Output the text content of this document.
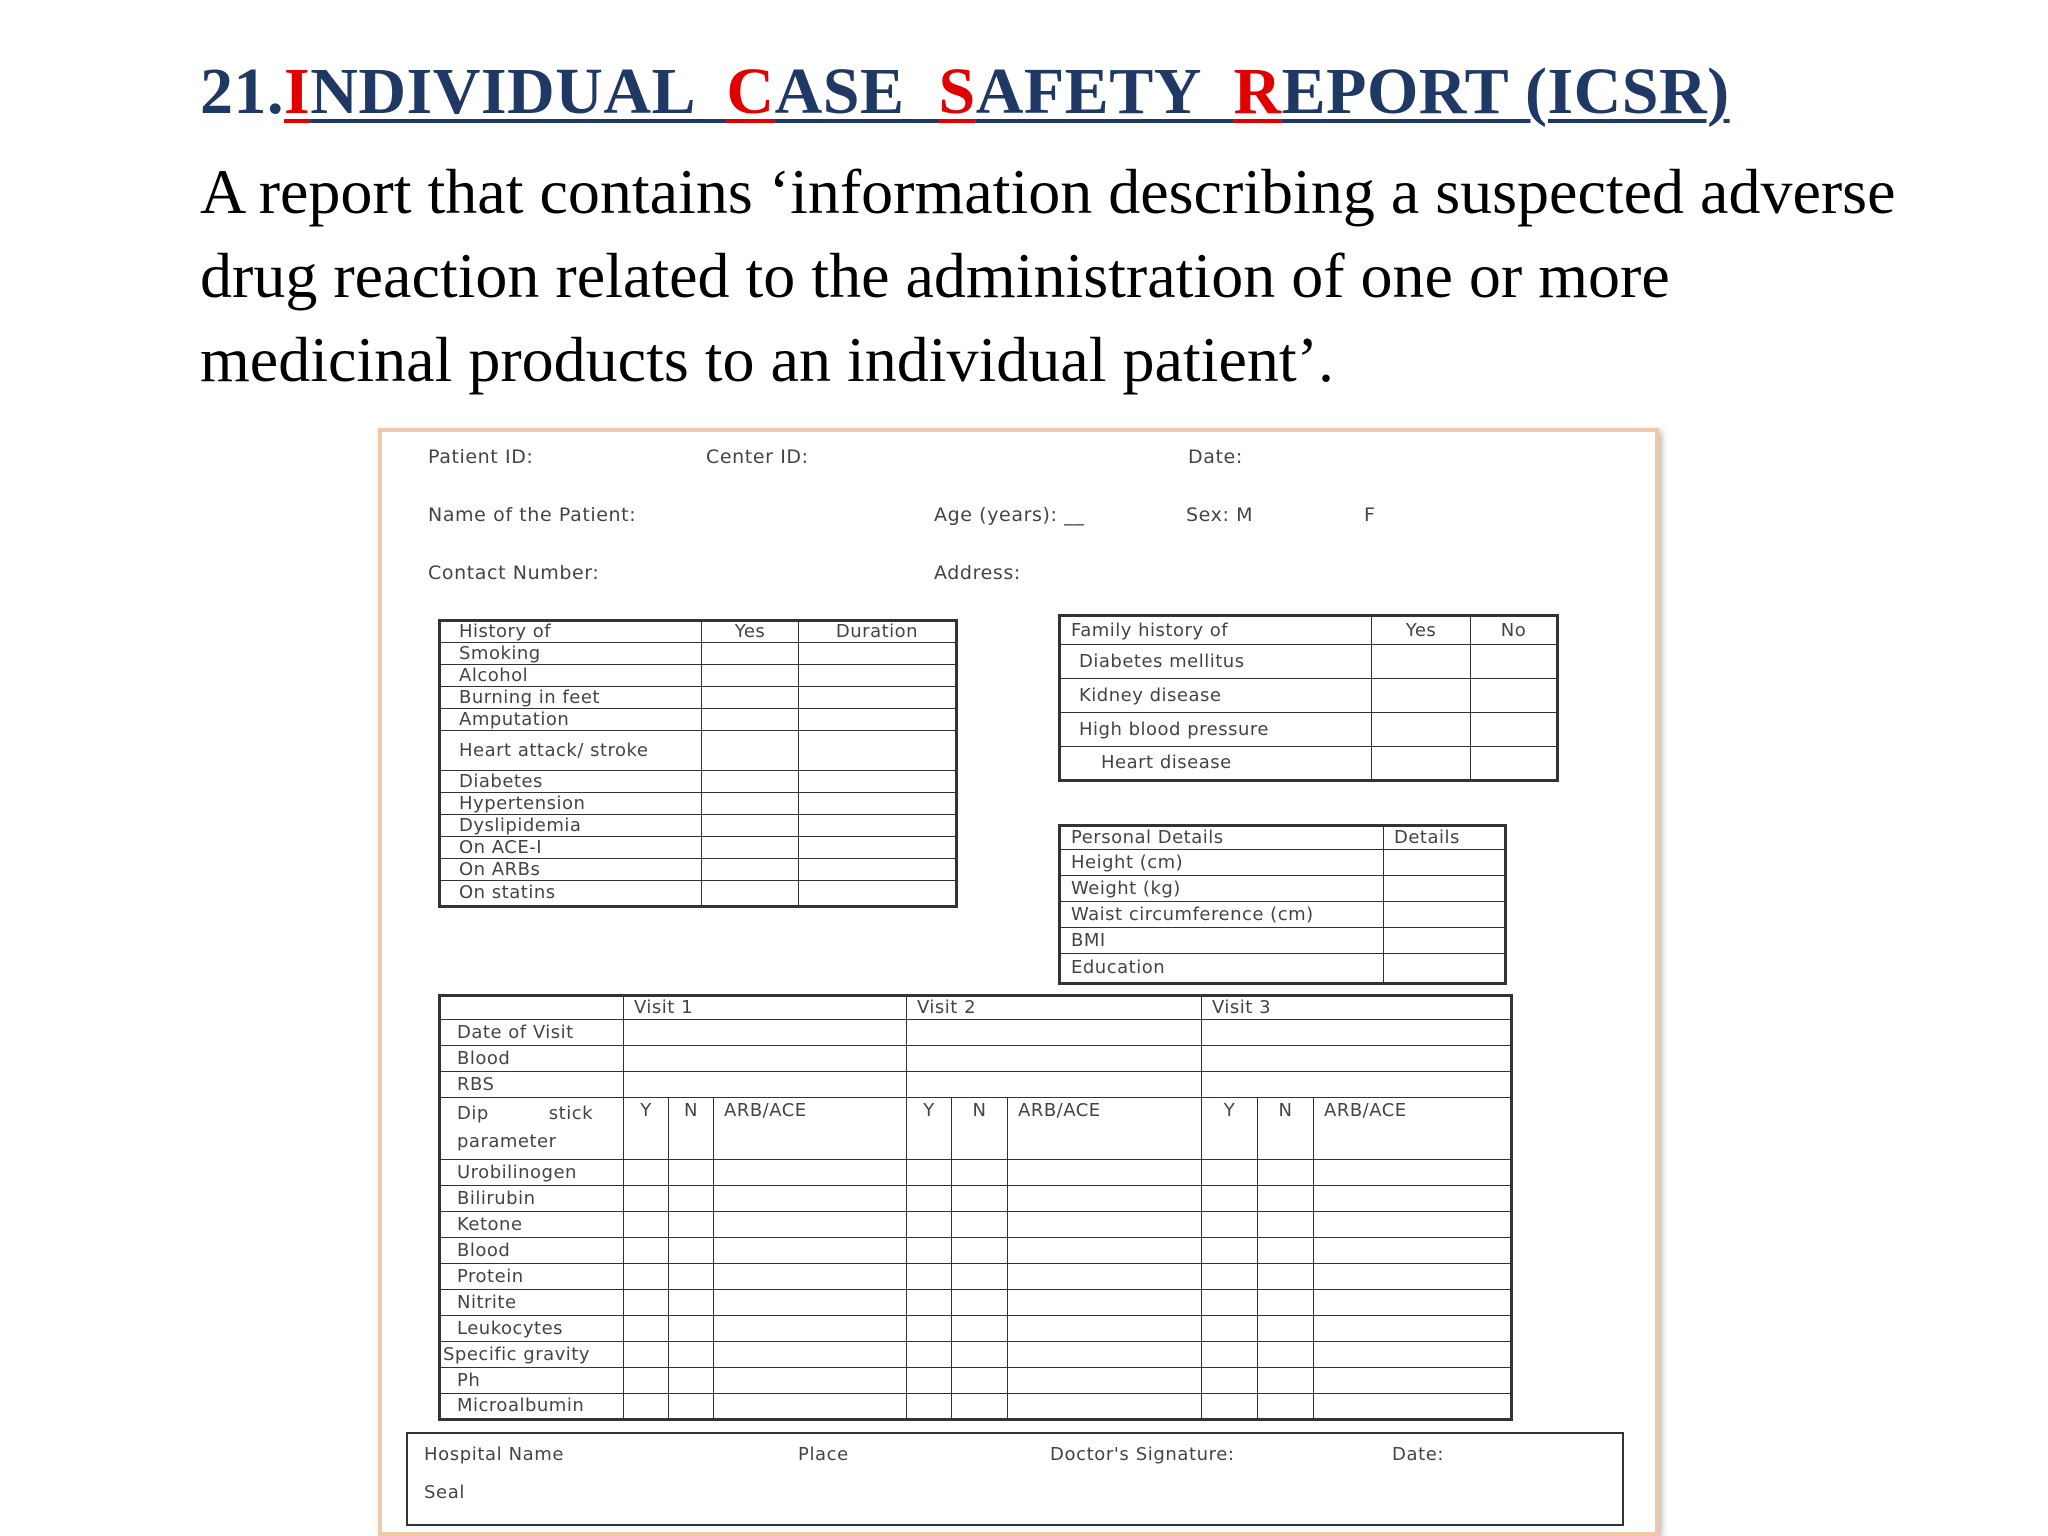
21.INDIVIDUAL  CASE  SAFETY  REPORT (ICSR)

A report that contains ‘information describing a suspected adverse drug reaction related to the administration of one or more medicinal products to an individual patient’.

Patient ID:	Center ID:	Date:
Name of the Patient:	Age (years): __	Sex: M	F
Contact Number:	Address:
History of	Yes	Duration
Smoking		
Alcohol		
Burning in feet		
Amputation		
Heart attack/ stroke		
Diabetes		
Hypertension		
Dyslipidemia		
On ACE-I		
On ARBs		
On statins		
Family history of	Yes	No
Diabetes mellitus		
Kidney disease		
High blood pressure		
Heart disease		
Personal Details	Details
Height (cm)	
Weight (kg)	
Waist circumference (cm)	
BMI	
Education	
	Visit 1			Visit 2			Visit 3		
Date of Visit									
Blood									
RBS									
Dip stick
parameter	Y	N	ARB/ACE	Y	N	ARB/ACE	Y	N	ARB/ACE
Urobilinogen									
Bilirubin									
Ketone									
Blood									
Protein									
Nitrite									
Leukocytes									
Specific gravity									
Ph									
Microalbumin									
Hospital Name	Place	Doctor's Signature:	Date:
Seal
